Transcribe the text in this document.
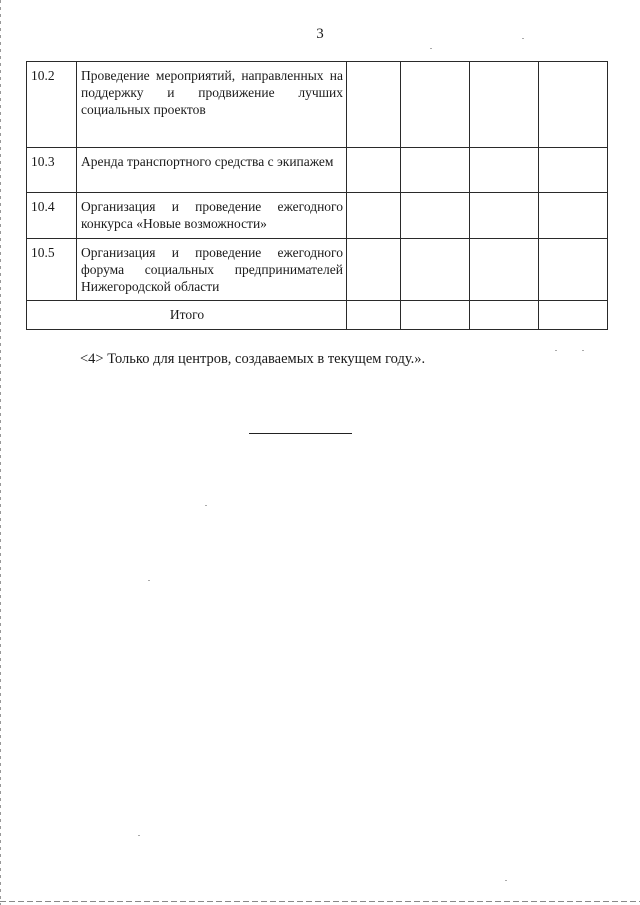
3
10.2	Проведение мероприятий, направленных на поддержку и продвижение лучших социальных проектов				
10.3	Аренда транспортного средства с экипажем				
10.4	Организация и проведение ежегодного конкурса «Новые возможности»				
10.5	Организация и проведение ежегодного форума социальных предпринимателей Нижегородской области				
Итого					
<4> Только для центров, создаваемых в текущем году.».
